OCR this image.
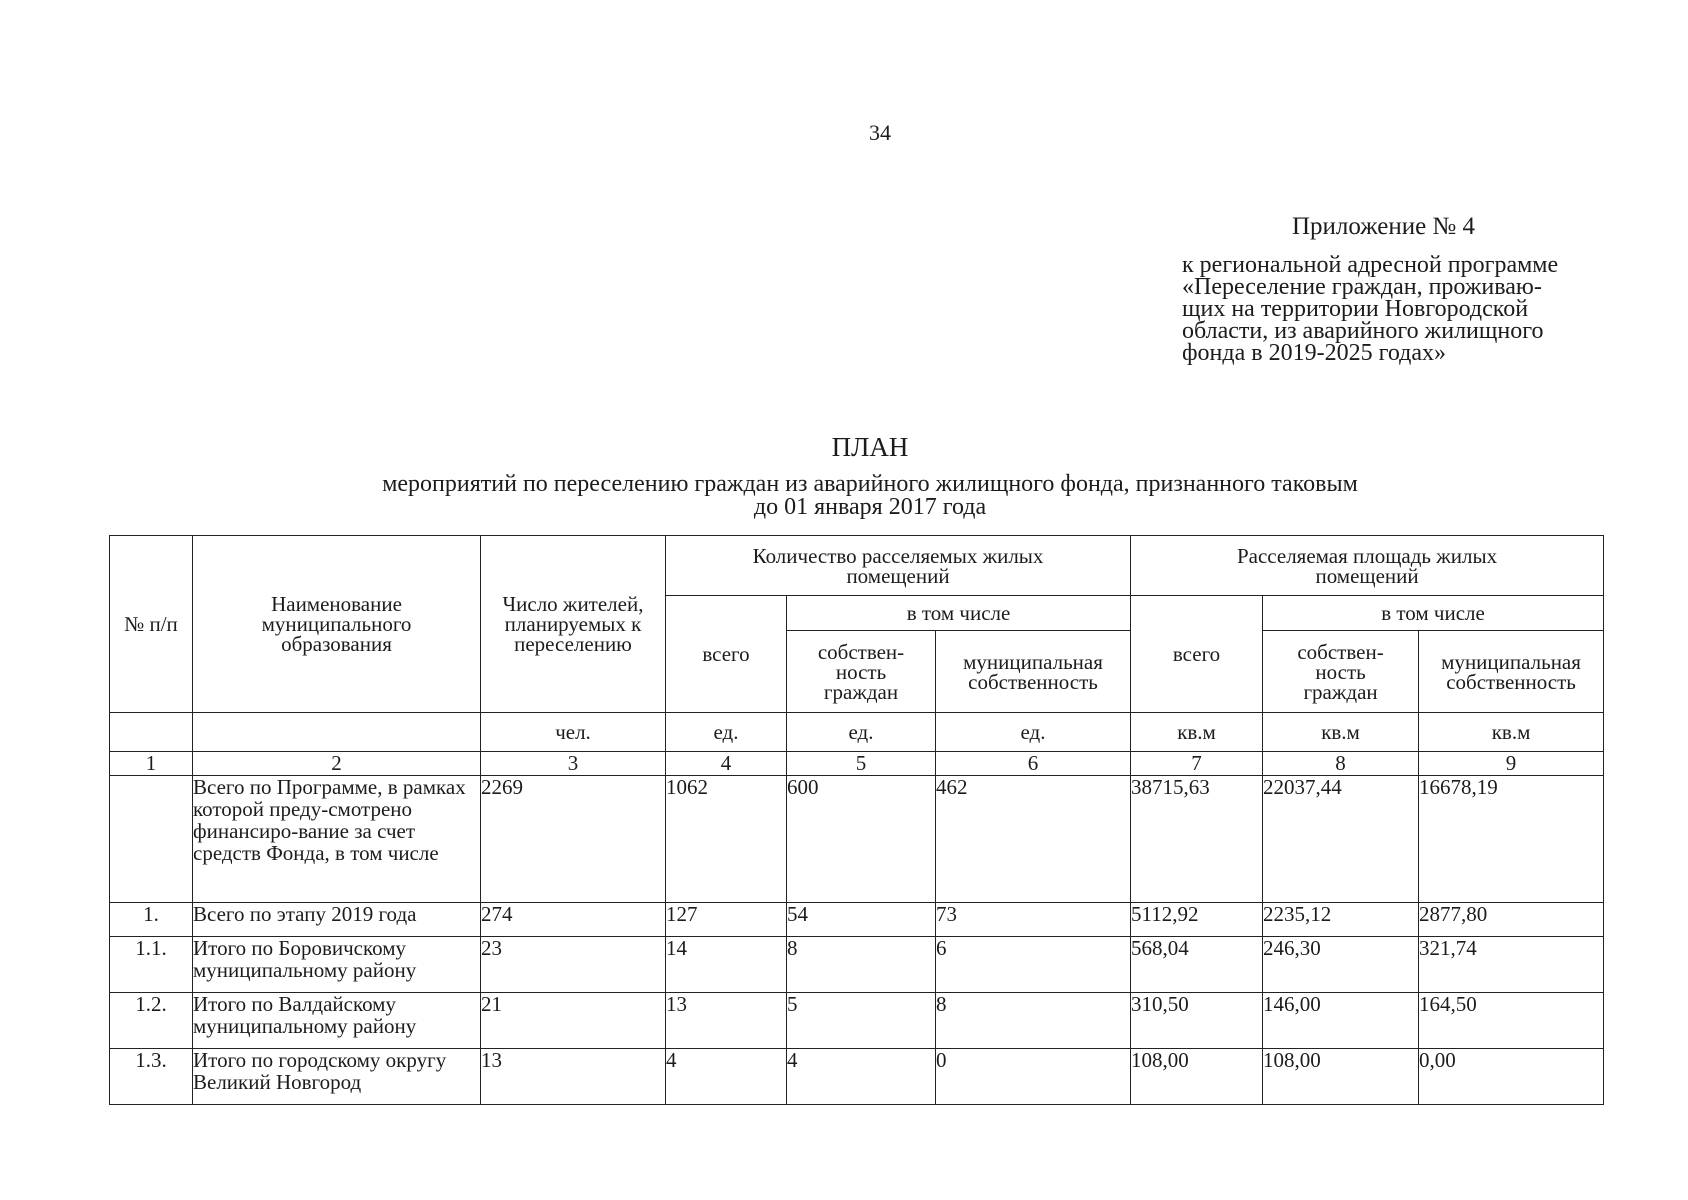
34
Приложение № 4
к региональной адресной программе
«Переселение граждан, проживаю-
щих на территории Новгородской
области, из аварийного жилищного
фонда в 2019-2025 годах»
ПЛАН
мероприятий по переселению граждан из аварийного жилищного фонда, признанного таковым
до 01 января 2017 года
№ п/п	Наименование муниципального образования	Число жителей, планируемых к переселению	Количество расселяемых жилых помещений			Расселяемая площадь жилых помещений		

			всего	в том числе		всего	в том числе	

				собствен-ность граждан	муниципальная собственность		собствен-ность граждан	муниципальная собственность

		чел.	ед.	ед.	ед.	кв.м	кв.м	кв.м
1	2	3	4	5	6	7	8	9
	Всего по Программе, в рамках которой преду-смотрено финансиро-вание за счет средств Фонда, в том числе	2269	1062	600	462	38715,63	22037,44	16678,19
1.	Всего по этапу 2019 года	274	127	54	73	5112,92	2235,12	2877,80
1.1.	Итого по Боровичскому муниципальному району	23	14	8	6	568,04	246,30	321,74
1.2.	Итого по Валдайскому муниципальному району	21	13	5	8	310,50	146,00	164,50
1.3.	Итого по городскому округу Великий Новгород	13	4	4	0	108,00	108,00	0,00
